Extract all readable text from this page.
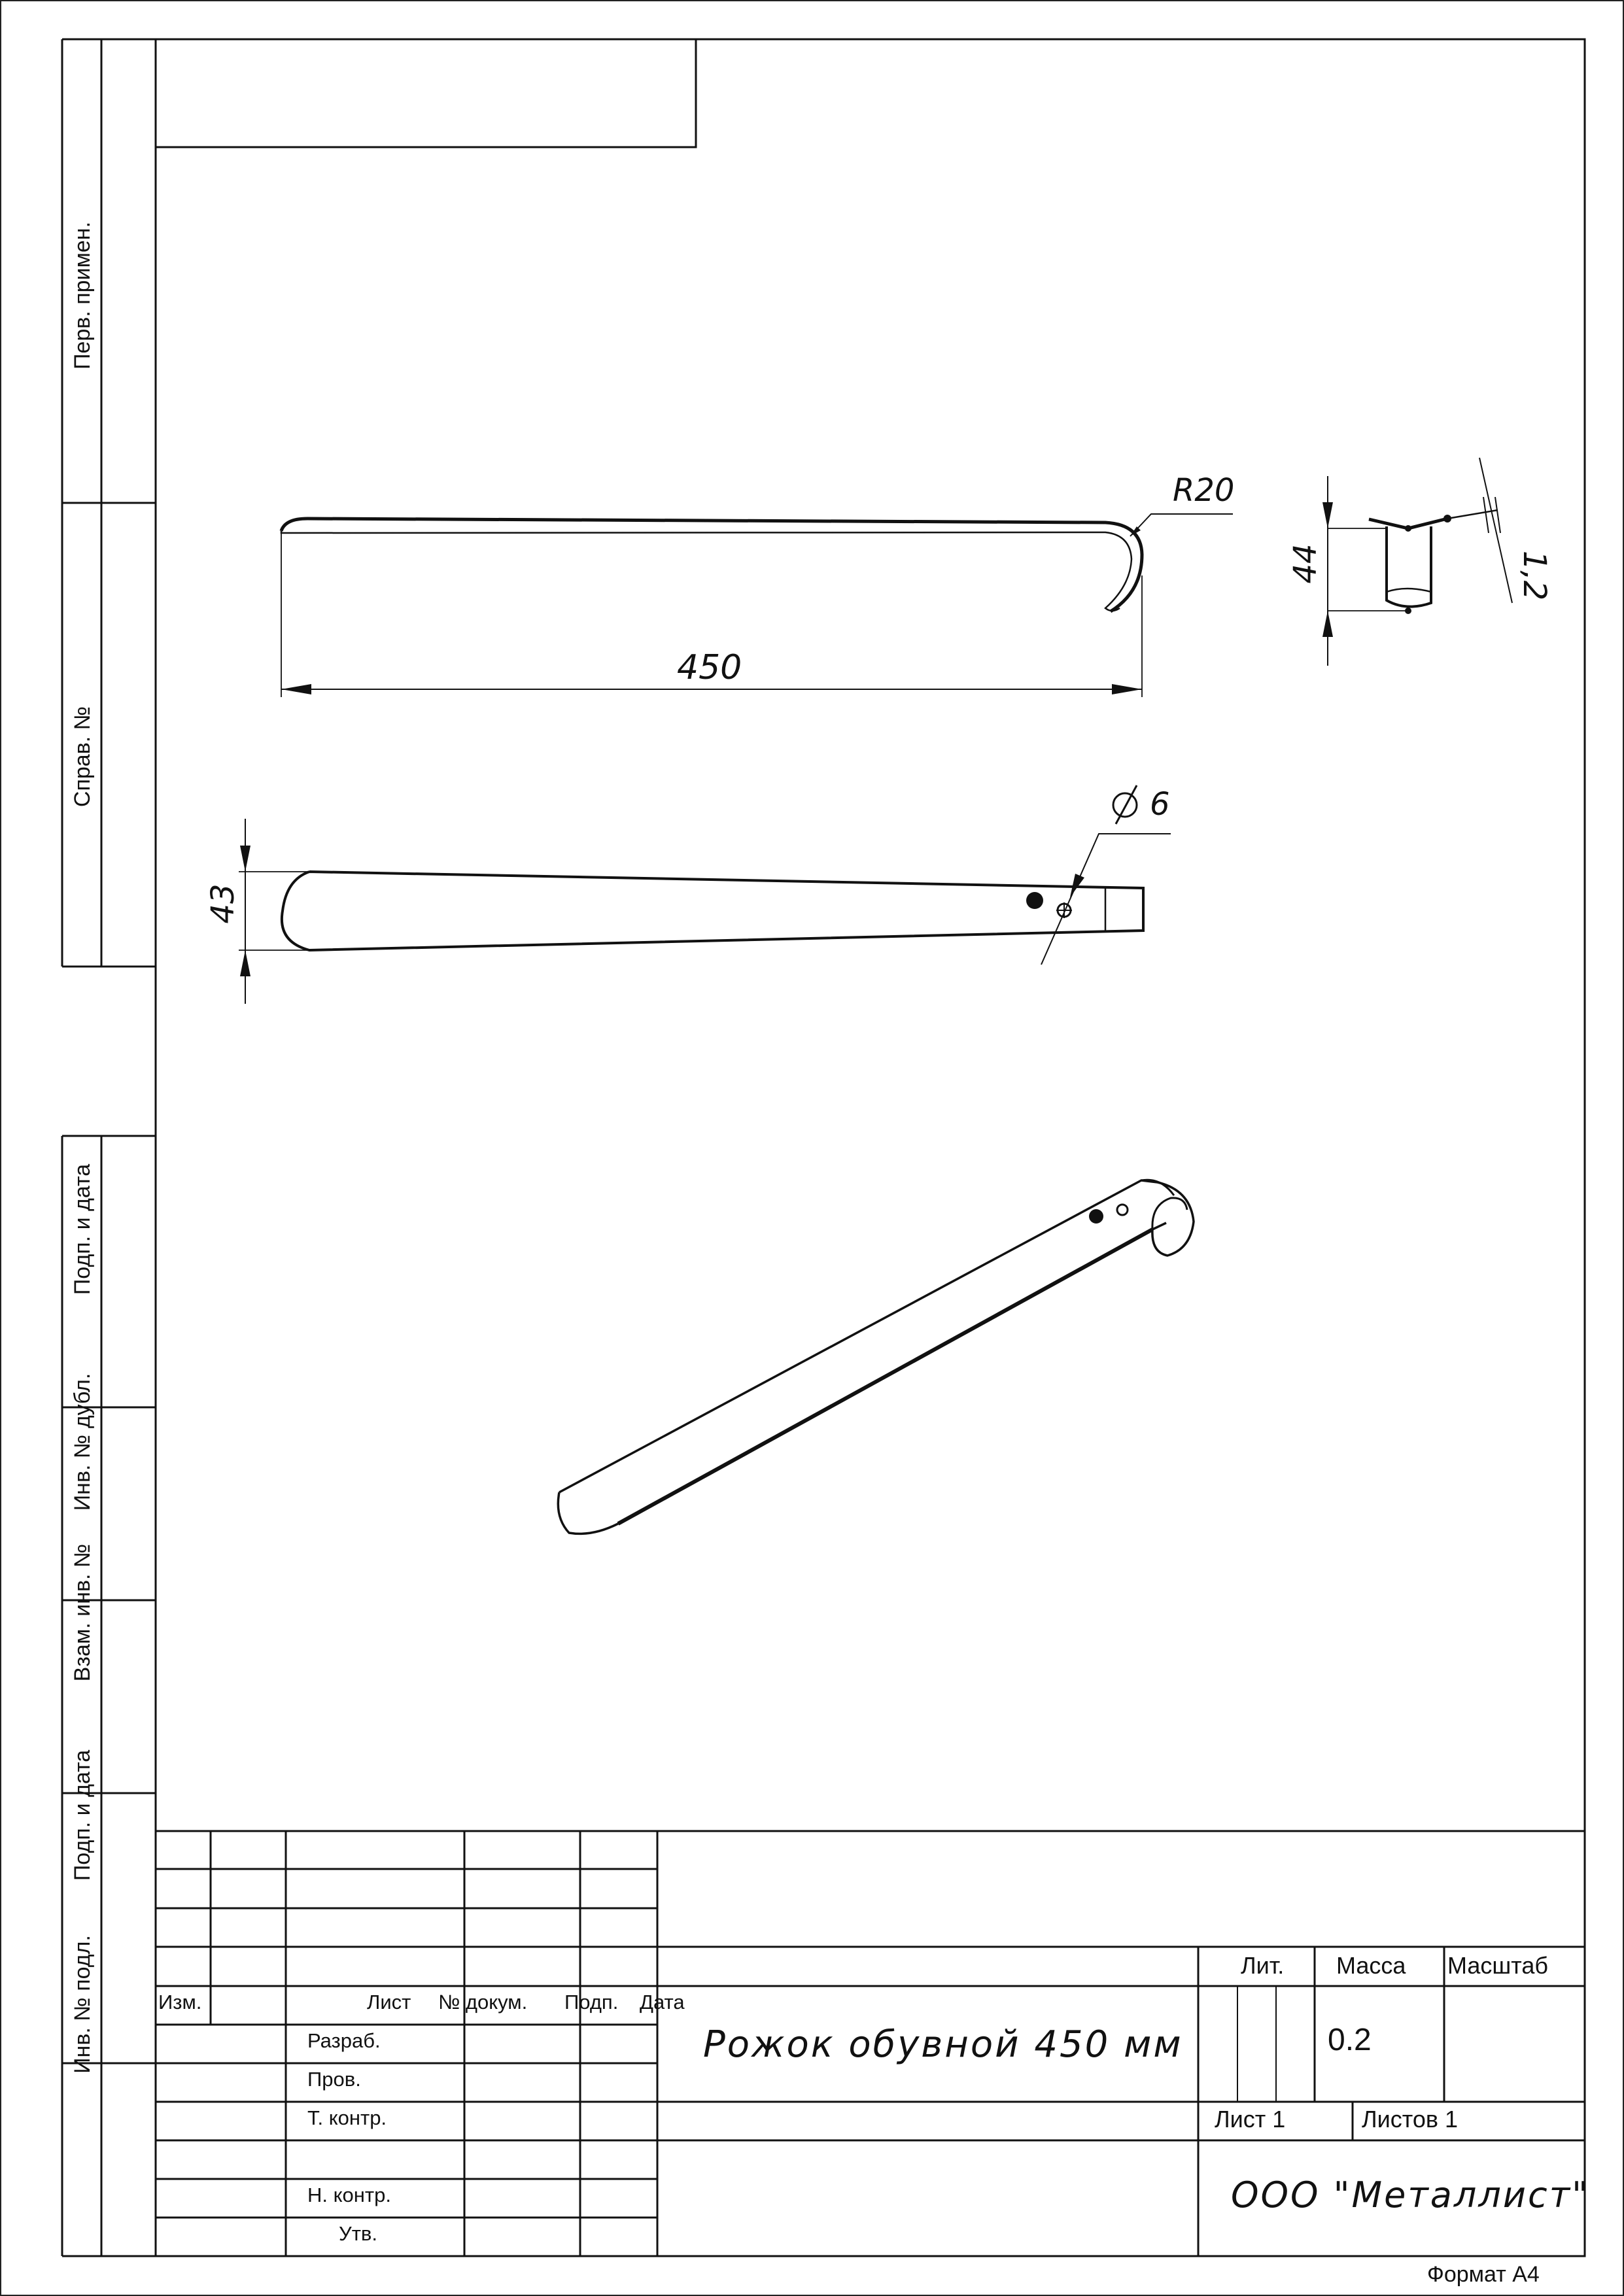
Перв. примен.
Справ. №
Подп. и дата
Инв. № дубл.
Взам. инв. №
Подп. и дата
Инв. № подл.
R20
450
44	1,2
6
43
Изм.	Лист № докум. Подп. Дата
Разраб.
Пров.
Т. контр.
Н. контр.
Утв.
Рожок обувной 450 мм
Лит. Масса Масштаб
0.2
Лист 1	Листов 1
ООО "Металлист"
Формат А4
